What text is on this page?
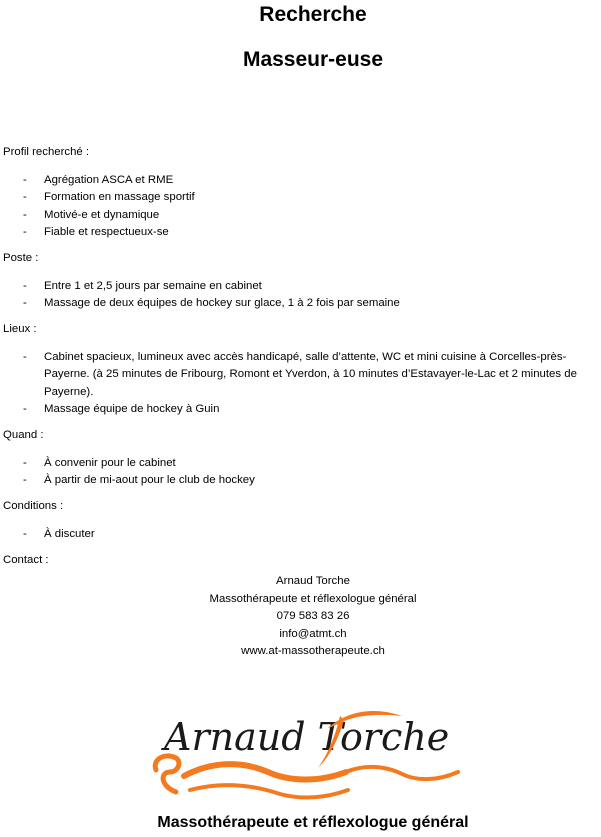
Recherche
Masseur-euse
Profil recherché :
- Agrégation ASCA et RME
- Formation en massage sportif
- Motivé-e et dynamique
- Fiable et respectueux-se
Poste :
- Entre 1 et 2,5 jours par semaine en cabinet
- Massage de deux équipes de hockey sur glace, 1 à 2 fois par semaine
Lieux :
- Cabinet spacieux, lumineux avec accès handicapé, salle d’attente, WC et mini cuisine à Corcelles-près-Payerne. (à 25 minutes de Fribourg, Romont et Yverdon, à 10 minutes d’Estavayer-le-Lac et 2 minutes de Payerne).
- Massage équipe de hockey à Guin
Quand :
- À convenir pour le cabinet
- À partir de mi-aout pour le club de hockey
Conditions :
- À discuter
Contact :
Arnaud Torche
Massothérapeute et réflexologue général
079 583 83 26
info@atmt.ch
www.at-massotherapeute.ch
Arnaud Torche
Massothérapeute et réflexologue général
